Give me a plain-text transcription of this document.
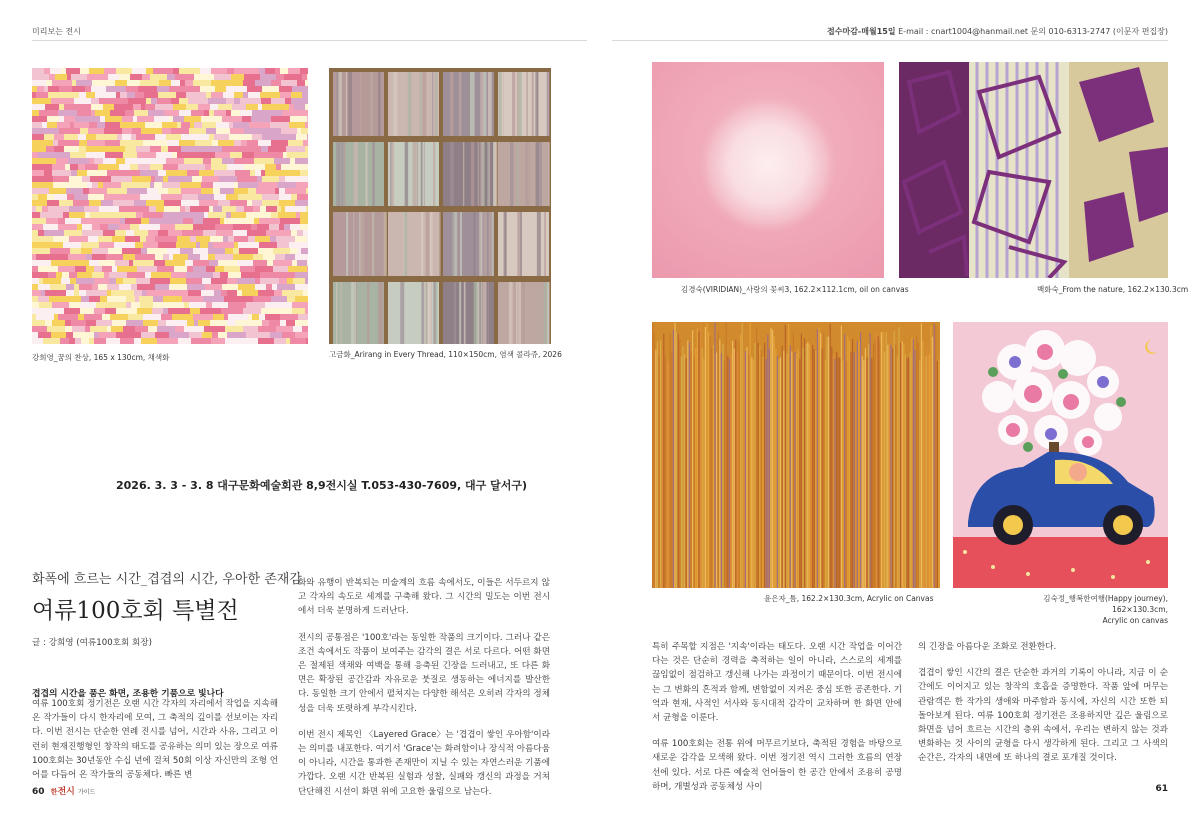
미리보는 전시	접수마감-매월15일 E-mail : cnart1004@hanmail.net 문의 010-6313-2747 (이문자 편집장)
강희영_꿈의 찬상, 165 x 130cm, 채색화	고금화_Arirang in Every Thread, 110×150cm, 염색 콜라쥬, 2026
김경숙(VIRIDIAN)_사랑의 꽃씨3, 162.2×112.1cm, oil on canvas	백화숙_From the nature, 162.2×130.3cm
윤은자_틈, 162.2×130.3cm, Acrylic on Canvas	김숙정_행복한여행(Happy journey), 162×130.3cm,
Acrylic on canvas
2026. 3. 3 - 3. 8 대구문화예술회관 8,9전시실 T.053-430-7609, 대구 달서구)
화폭에 흐르는 시간_겹겹의 시간, 우아한 존재감
여류100호회 특별전
글 : 강희영 (여류100호회 회장)
겹겹의 시간을 품은 화면, 조용한 기품으로 빛나다

여류 100호회 정기전은 오랜 시간 각자의 자리에서 작업을 지속해 온 작가들이 다시 한자리에 모여, 그 축적의 깊이를 선보이는 자리다. 이번 전시는 단순한 연례 진시를 넘어, 시간과 사유, 그리고 이런히 현재진행형인 창작의 태도를 공유하는 의미 있는 장으로 여류 100호회는 30년동안 수십 년에 걸쳐 50회 이상 자신만의 조형 언어를 다듬어 온 작가들의 공동체다. 빠른 변

화와 유행이 반복되는 미술계의 흐름 속에서도, 이들은 서두르지 않고 각자의 속도로 세계를 구축해 왔다. 그 시간의 밀도는 이번 전시에서 더욱 분명하게 드러난다.

전시의 공통점은 '100호'라는 동일한 작품의 크기이다. 그러나 같은 조건 속에서도 작품이 보여주는 감각의 결은 서로 다르다. 어떤 화면은 절제된 색채와 여백을 통해 응축된 긴장을 드러내고, 또 다른 화면은 확장된 공간감과 자유로운 붓질로 생동하는 에너지를 발산한다. 동일한 크기 안에서 펼쳐지는 다양한 해석은 오히려 각자의 정체성을 더욱 또렷하게 부각시킨다.

이번 전시 제목인 〈Layered Grace〉는 '겹겹이 쌓인 우아함'이라는 의미를 내포한다. 여기서 'Grace'는 화려함이나 장식적 아름다움이 아니라, 시간을 통과한 존재만이 지닐 수 있는 자연스러운 기품에 가깝다. 오랜 시간 반복된 실험과 성찰, 실패와 갱신의 과정을 거쳐 단단해진 시선이 화면 위에 고요한 울림으로 남는다.

특히 주목할 지점은 '지속'이라는 태도다. 오랜 시간 작업을 이어간다는 것은 단순히 경력을 축적하는 일이 아니라, 스스로의 세계를 끊임없이 점검하고 갱신해 나가는 과정이기 때문이다. 이번 전시에는 그 변화의 흔적과 함께, 변함없이 지켜온 중심 또한 공존한다. 기억과 현재, 사적인 서사와 동시대적 감각이 교차하며 한 화면 안에서 균형을 이룬다.

여류 100호회는 전통 위에 머무르기보다, 축적된 경험을 바탕으로 새로운 감각을 모색해 왔다. 이번 정기전 역시 그러한 흐름의 연장선에 있다. 서로 다른 예술적 언어들이 한 공간 안에서 조용히 공명하며, 개별성과 공동체성 사이

의 긴장을 아름다운 조화로 전환한다.

겹겹이 쌓인 시간의 결은 단순한 과거의 기록이 아니라, 지금 이 순간에도 이어지고 있는 창작의 호흡을 증명한다. 작품 앞에 머무는 관람객은 한 작가의 생애와 마주함과 동시에, 자신의 시간 또한 되돌아보게 된다. 여류 100호회 정기전은 조용하지만 깊은 울림으로 화면을 넘어 흐르는 시간의 층위 속에서, 우리는 변하지 않는 것과 변화하는 것 사이의 균형을 다시 생각하게 된다. 그리고 그 사색의 순간은, 각자의 내면에 또 하나의 결로 포개질 것이다.

60 한전시 가이드	61
